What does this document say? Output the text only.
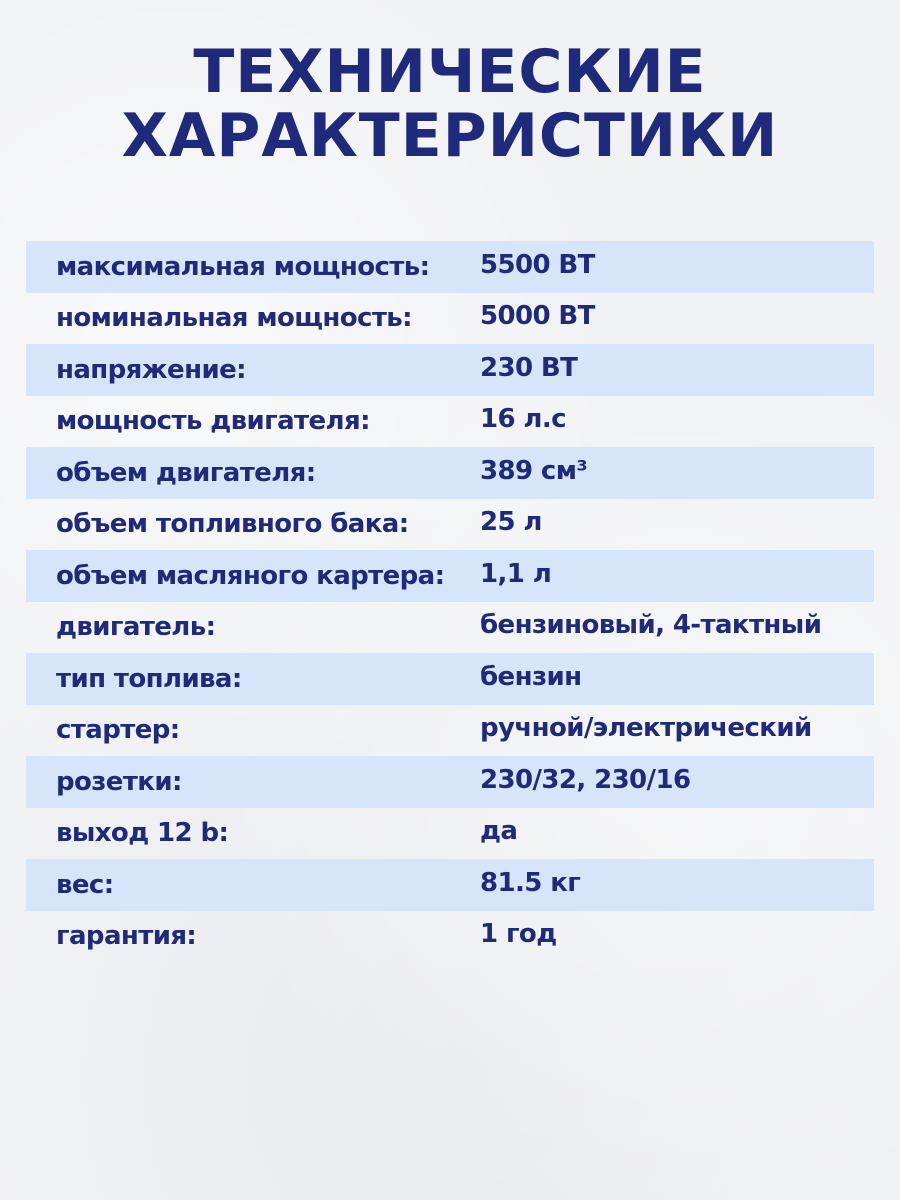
ТЕХНИЧЕСКИЕ
ХАРАКТЕРИСТИКИ
максимальная мощность: 5500 ВТ
номинальная мощность:	5000 ВТ
напряжение:	230 ВТ
мощность двигателя:	16 л.с
объем двигателя:	389 см³
объем топливного бака:	25 л
объем масляного картера: 1,1 л
двигатель:	бензиновый, 4-тактный
тип топлива:	бензин
стартер:	ручной/электрический
розетки:	230/32, 230/16
выход 12 b:	да
вес:	81.5 кг
гарантия:	1 год
